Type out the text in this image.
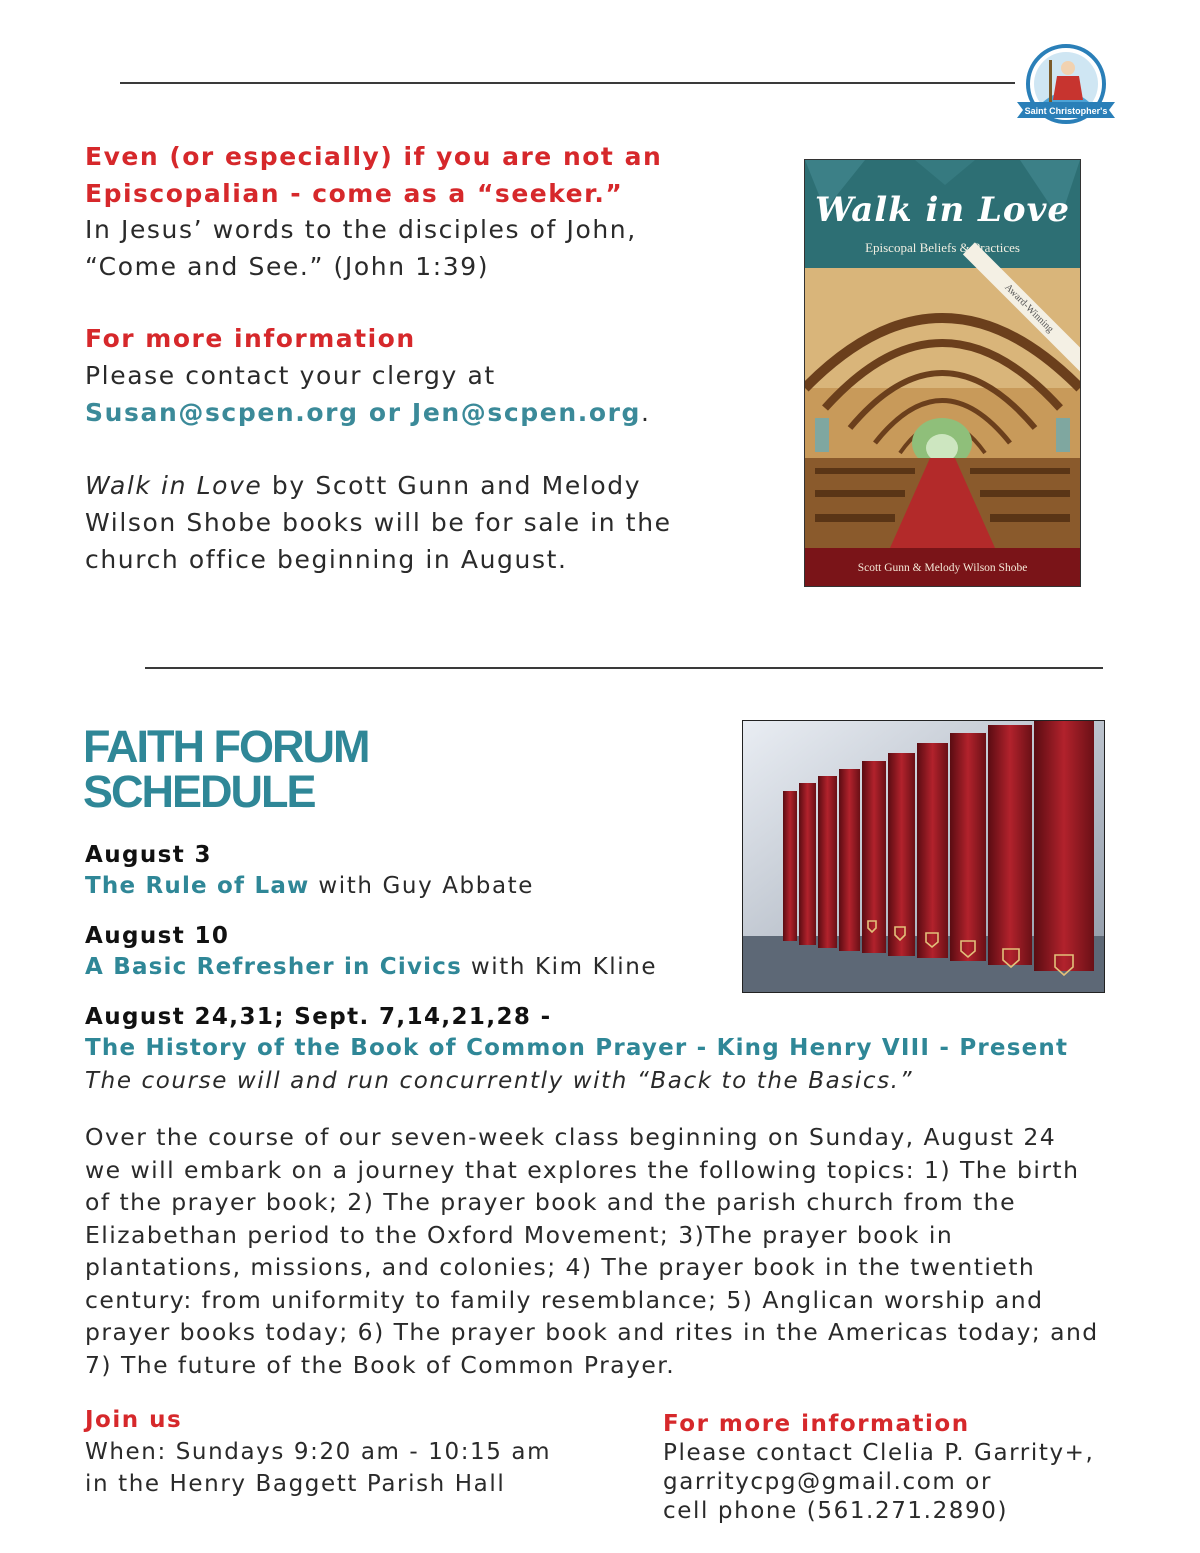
Saint Christopher's
Even (or especially) if you are not an
Episcopalian - come as a “seeker.”
In Jesus’ words to the disciples of John,
“Come and See.” (John 1:39)
For more information
Please contact your clergy at
Susan@scpen.org or Jen@scpen.org.
Walk in Love by Scott Gunn and Melody
Wilson Shobe books will be for sale in the
church office beginning in August.
Walk in Love
Episcopal Beliefs & Practices
Award-Winning
Scott Gunn & Melody Wilson Shobe
FAITH FORUM
SCHEDULE
August 3
The Rule of Law with Guy Abbate
August 10
A Basic Refresher in Civics with Kim Kline
August 24,31; Sept. 7,14,21,28 -
The History of the Book of Common Prayer - King Henry VIII - Present
The course will and run concurrently with “Back to the Basics.”
Over the course of our seven-week class beginning on Sunday, August 24
we will embark on a journey that explores the following topics: 1) The birth
of the prayer book; 2) The prayer book and the parish church from the
Elizabethan period to the Oxford Movement; 3)The prayer book in
plantations, missions, and colonies; 4) The prayer book in the twentieth
century: from uniformity to family resemblance; 5) Anglican worship and
prayer books today; 6) The prayer book and rites in the Americas today; and
7) The future of the Book of Common Prayer.
Join us
When: Sundays 9:20 am - 10:15 am
in the Henry Baggett Parish Hall
For more information
Please contact Clelia P. Garrity+,
garritycpg@gmail.com or
cell phone (561.271.2890)
